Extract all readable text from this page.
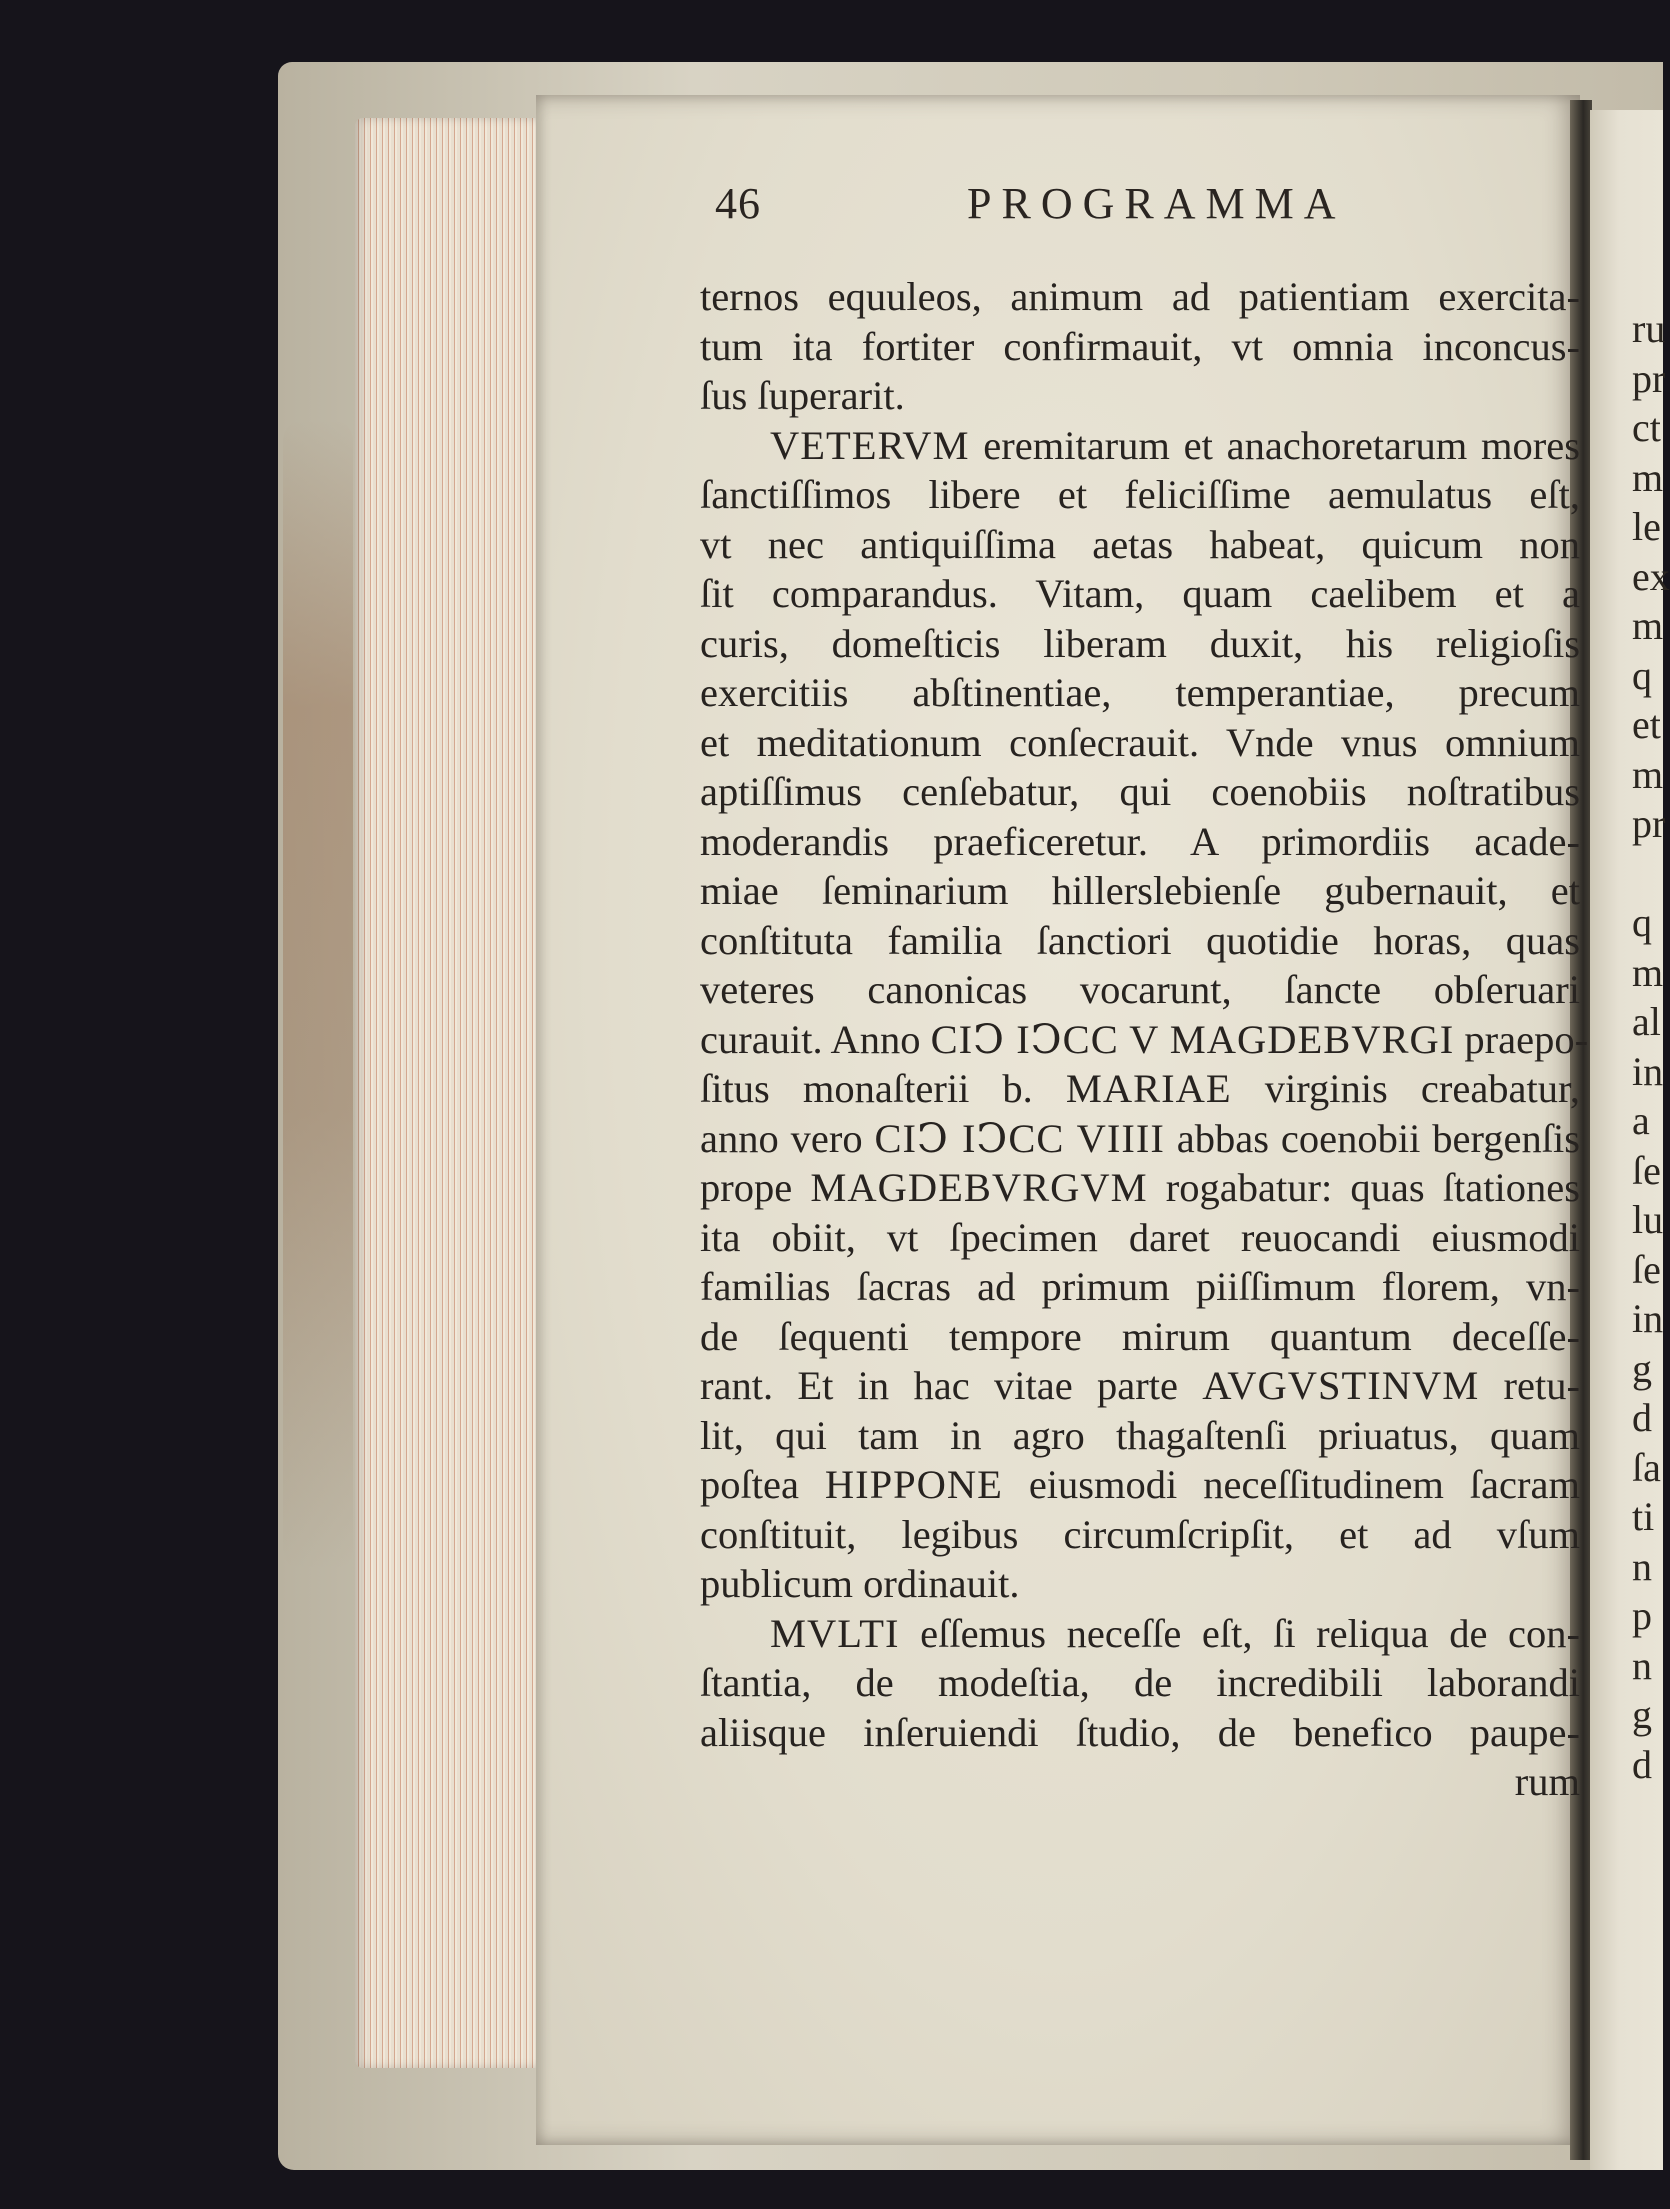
ru
pr
ct
m
le
ex
m
q
et
m
pr
q
m
al
in
a
ſe
lu
ſe
in
g
d
ſa
ti
n
p
n
g
d
46	PROGRAMMA
ternos equuleos, animum ad patientiam exercita-
tum ita fortiter confirmauit, vt omnia inconcus-
ſus ſuperarit.
VETERVM eremitarum et anachoretarum mores
ſanctiſſimos libere et feliciſſime aemulatus eſt,
vt nec antiquiſſima aetas habeat, quicum non
ſit comparandus. Vitam, quam caelibem et a
curis, domeſticis liberam duxit, his religioſis
exercitiis abſtinentiae, temperantiae, precum
et meditationum conſecrauit. Vnde vnus omnium
aptiſſimus cenſebatur, qui coenobiis noſtratibus
moderandis praeficeretur. A primordiis acade-
miae ſeminarium hillerslebienſe gubernauit, et
conſtituta familia ſanctiori quotidie horas, quas
veteres canonicas vocarunt, ſancte obſeruari
curauit. Anno CIↃ IↃCC V MAGDEBVRGI praepo-
ſitus monaſterii b. MARIAE virginis creabatur,
anno vero CIↃ IↃCC VIIII abbas coenobii bergenſis
prope MAGDEBVRGVM rogabatur: quas ſtationes
ita obiit, vt ſpecimen daret reuocandi eiusmodi
familias ſacras ad primum piiſſimum florem, vn-
de ſequenti tempore mirum quantum deceſſe-
rant. Et in hac vitae parte AVGVSTINVM retu-
lit, qui tam in agro thagaſtenſi priuatus, quam
poſtea HIPPONE eiusmodi neceſſitudinem ſacram
conſtituit, legibus circumſcripſit, et ad vſum
publicum ordinauit.
MVLTI eſſemus neceſſe eſt, ſi reliqua de con-
ſtantia, de modeſtia, de incredibili laborandi
aliisque inſeruiendi ſtudio, de benefico paupe-
rum
